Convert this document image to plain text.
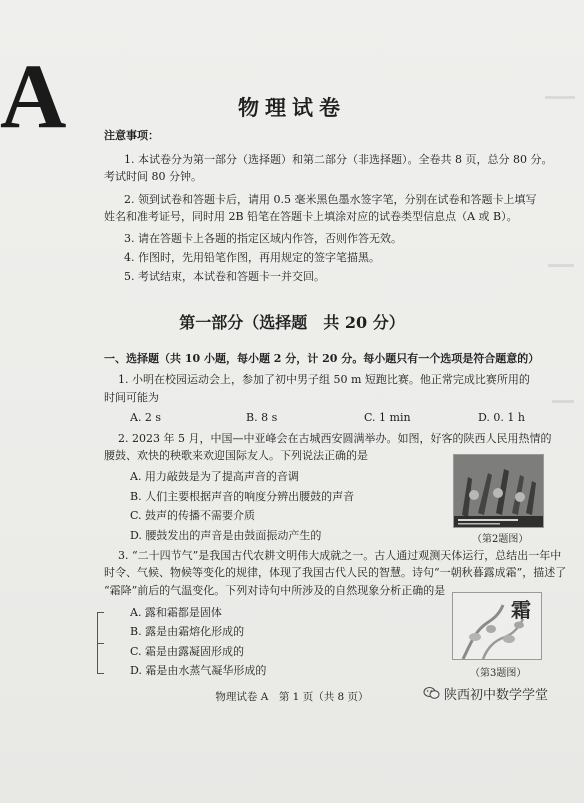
A	物理试卷
注意事项：
1. 本试卷分为第一部分（选择题）和第二部分（非选择题）。全卷共 8 页，总分 80 分。
考试时间 80 分钟。
2. 领到试卷和答题卡后，请用 0.5 毫米黑色墨水签字笔，分别在试卷和答题卡上填写
姓名和准考证号，同时用 2B 铅笔在答题卡上填涂对应的试卷类型信息点（A 或 B）。
3. 请在答题卡上各题的指定区域内作答，否则作答无效。
4. 作图时，先用铅笔作图，再用规定的签字笔描黑。
5. 考试结束，本试卷和答题卡一并交回。
第一部分（选择题　共 20 分）
一、选择题（共 10 小题，每小题 2 分，计 20 分。每小题只有一个选项是符合题意的）
1. 小明在校园运动会上，参加了初中男子组 50 m 短跑比赛。他正常完成比赛所用的
时间可能为
A. 2 s	B. 8 s	C. 1 min	D. 0. 1 h
2. 2023 年 5 月，中国—中亚峰会在古城西安圆满举办。如图，好客的陕西人民用热情的
腰鼓、欢快的秧歌来欢迎国际友人。下列说法正确的是
A. 用力敲鼓是为了提高声音的音调
B. 人们主要根据声音的响度分辨出腰鼓的声音
C. 鼓声的传播不需要介质
D. 腰鼓发出的声音是由鼓面振动产生的	（第2题图）
3. “二十四节气”是我国古代农耕文明伟大成就之一。古人通过观测天体运行，总结出一年中
时令、气候、物候等变化的规律，体现了我国古代人民的智慧。诗句“一朝秋暮露成霜”，描述了
“霜降”前后的气温变化。下列对诗句中所涉及的自然现象分析正确的是
A. 露和霜都是固体
B. 露是由霜熔化形成的
C. 霜是由露凝固形成的
D. 霜是由水蒸气凝华形成的
霜
（第3题图）
物理试卷 A　第 1 页（共 8 页）	陕西初中数学学堂
